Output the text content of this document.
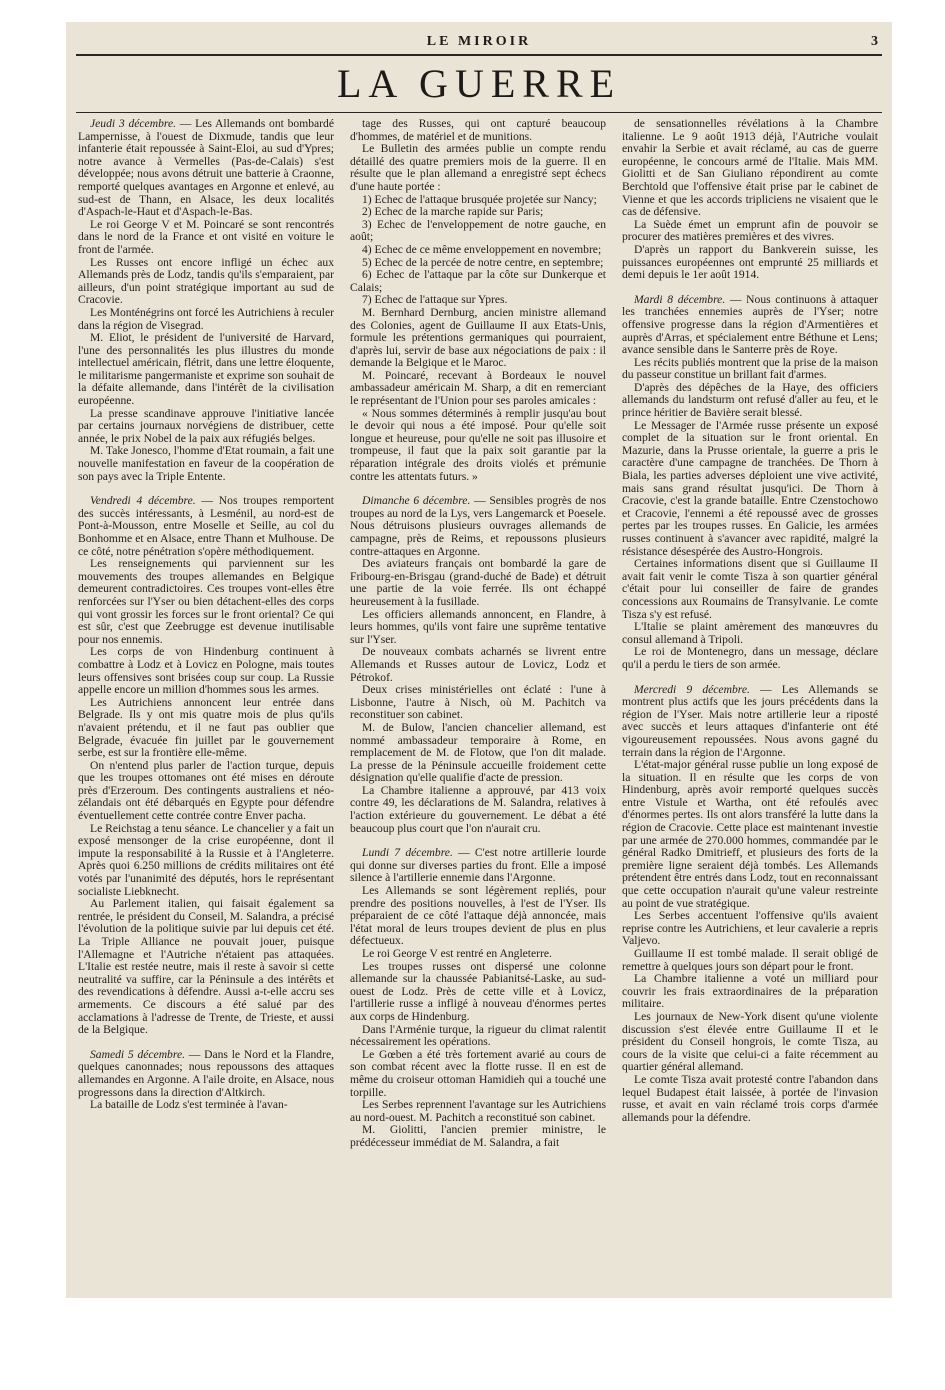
LE MIROIR	3
LA GUERRE

Jeudi 3 décembre. — Les Allemands ont bombardé Lampernisse, à l'ouest de Dixmude, tandis que leur infanterie était repoussée à Saint-Eloi, au sud d'Ypres; notre avance à Vermelles (Pas-de-Calais) s'est développée; nous avons détruit une batterie à Craonne, remporté quelques avantages en Argonne et enlevé, au sud-est de Thann, en Alsace, les deux localités d'Aspach-le-Haut et d'Aspach-le-Bas.

Le roi George V et M. Poincaré se sont rencontrés dans le nord de la France et ont visité en voiture le front de l'armée.

Les Russes ont encore infligé un échec aux Allemands près de Lodz, tandis qu'ils s'emparaient, par ailleurs, d'un point stratégique important au sud de Cracovie.

Les Monténégrins ont forcé les Autrichiens à reculer dans la région de Visegrad.

M. Eliot, le président de l'université de Harvard, l'une des personnalités les plus illustres du monde intellectuel américain, flétrit, dans une lettre éloquente, le militarisme pangermaniste et exprime son souhait de la défaite allemande, dans l'intérêt de la civilisation européenne.

La presse scandinave approuve l'initiative lancée par certains journaux norvégiens de distribuer, cette année, le prix Nobel de la paix aux réfugiés belges.

M. Take Jonesco, l'homme d'Etat roumain, a fait une nouvelle manifestation en faveur de la coopération de son pays avec la Triple Entente.

Vendredi 4 décembre. — Nos troupes remportent des succès intéressants, à Lesménil, au nord-est de Pont-à-Mousson, entre Moselle et Seille, au col du Bonhomme et en Alsace, entre Thann et Mulhouse. De ce côté, notre pénétration s'opère méthodiquement.

Les renseignements qui parviennent sur les mouvements des troupes allemandes en Belgique demeurent contradictoires. Ces troupes vont-elles être renforcées sur l'Yser ou bien détachent-elles des corps qui vont grossir les forces sur le front oriental? Ce qui est sûr, c'est que Zeebrugge est devenue inutilisable pour nos ennemis.

Les corps de von Hindenburg continuent à combattre à Lodz et à Lovicz en Pologne, mais toutes leurs offensives sont brisées coup sur coup. La Russie appelle encore un million d'hommes sous les armes.

Les Autrichiens annoncent leur entrée dans Belgrade. Ils y ont mis quatre mois de plus qu'ils n'avaient prétendu, et il ne faut pas oublier que Belgrade, évacuée fin juillet par le gouvernement serbe, est sur la frontière elle-même.

On n'entend plus parler de l'action turque, depuis que les troupes ottomanes ont été mises en déroute près d'Erzeroum. Des contingents australiens et néo-zélandais ont été débarqués en Egypte pour défendre éventuellement cette contrée contre Enver pacha.

Le Reichstag a tenu séance. Le chancelier y a fait un exposé mensonger de la crise européenne, dont il impute la responsabilité à la Russie et à l'Angleterre. Après quoi 6.250 millions de crédits militaires ont été votés par l'unanimité des députés, hors le représentant socialiste Liebknecht.

Au Parlement italien, qui faisait également sa rentrée, le président du Conseil, M. Salandra, a précisé l'évolution de la politique suivie par lui depuis cet été. La Triple Alliance ne pouvait jouer, puisque l'Allemagne et l'Autriche n'étaient pas attaquées. L'Italie est restée neutre, mais il reste à savoir si cette neutralité va suffire, car la Péninsule a des intérêts et des revendications à défendre. Aussi a-t-elle accru ses armements. Ce discours a été salué par des acclamations à l'adresse de Trente, de Trieste, et aussi de la Belgique.

Samedi 5 décembre. — Dans le Nord et la Flandre, quelques canonnades; nous repoussons des attaques allemandes en Argonne. A l'aile droite, en Alsace, nous progressons dans la direction d'Altkirch.

La bataille de Lodz s'est terminée à l'avan-

tage des Russes, qui ont capturé beaucoup d'hommes, de matériel et de munitions.

Le Bulletin des armées publie un compte rendu détaillé des quatre premiers mois de la guerre. Il en résulte que le plan allemand a enregistré sept échecs d'une haute portée :

1) Echec de l'attaque brusquée projetée sur Nancy;

2) Echec de la marche rapide sur Paris;

3) Echec de l'enveloppement de notre gauche, en août;

4) Echec de ce même enveloppement en novembre;

5) Echec de la percée de notre centre, en septembre;

6) Echec de l'attaque par la côte sur Dunkerque et Calais;

7) Echec de l'attaque sur Ypres.

M. Bernhard Dernburg, ancien ministre allemand des Colonies, agent de Guillaume II aux Etats-Unis, formule les prétentions germaniques qui pourraient, d'après lui, servir de base aux négociations de paix : il demande la Belgique et le Maroc.

M. Poincaré, recevant à Bordeaux le nouvel ambassadeur américain M. Sharp, a dit en remerciant le représentant de l'Union pour ses paroles amicales :

« Nous sommes déterminés à remplir jusqu'au bout le devoir qui nous a été imposé. Pour qu'elle soit longue et heureuse, pour qu'elle ne soit pas illusoire et trompeuse, il faut que la paix soit garantie par la réparation intégrale des droits violés et prémunie contre les attentats futurs. »

Dimanche 6 décembre. — Sensibles progrès de nos troupes au nord de la Lys, vers Langemarck et Poesele. Nous détruisons plusieurs ouvrages allemands de campagne, près de Reims, et repoussons plusieurs contre-attaques en Argonne.

Des aviateurs français ont bombardé la gare de Fribourg-en-Brisgau (grand-duché de Bade) et détruit une partie de la voie ferrée. Ils ont échappé heureusement à la fusillade.

Les officiers allemands annoncent, en Flandre, à leurs hommes, qu'ils vont faire une suprême tentative sur l'Yser.

De nouveaux combats acharnés se livrent entre Allemands et Russes autour de Lovicz, Lodz et Pétrokof.

Deux crises ministérielles ont éclaté : l'une à Lisbonne, l'autre à Nisch, où M. Pachitch va reconstituer son cabinet.

M. de Bulow, l'ancien chancelier allemand, est nommé ambassadeur temporaire à Rome, en remplacement de M. de Flotow, que l'on dit malade. La presse de la Péninsule accueille froidement cette désignation qu'elle qualifie d'acte de pression.

La Chambre italienne a approuvé, par 413 voix contre 49, les déclarations de M. Salandra, relatives à l'action extérieure du gouvernement. Le débat a été beaucoup plus court que l'on n'aurait cru.

Lundi 7 décembre. — C'est notre artillerie lourde qui donne sur diverses parties du front. Elle a imposé silence à l'artillerie ennemie dans l'Argonne.

Les Allemands se sont légèrement repliés, pour prendre des positions nouvelles, à l'est de l'Yser. Ils préparaient de ce côté l'attaque déjà annoncée, mais l'état moral de leurs troupes devient de plus en plus défectueux.

Le roi George V est rentré en Angleterre.

Les troupes russes ont dispersé une colonne allemande sur la chaussée Pabianitsé-Laske, au sud-ouest de Lodz. Près de cette ville et à Lovicz, l'artillerie russe a infligé à nouveau d'énormes pertes aux corps de Hindenburg.

Dans l'Arménie turque, la rigueur du climat ralentit nécessairement les opérations.

Le Gœben a été très fortement avarié au cours de son combat récent avec la flotte russe. Il en est de même du croiseur ottoman Hamidieh qui a touché une torpille.

Les Serbes reprennent l'avantage sur les Autrichiens au nord-ouest. M. Pachitch a reconstitué son cabinet.

M. Giolitti, l'ancien premier ministre, le prédécesseur immédiat de M. Salandra, a fait

de sensationnelles révélations à la Chambre italienne. Le 9 août 1913 déjà, l'Autriche voulait envahir la Serbie et avait réclamé, au cas de guerre européenne, le concours armé de l'Italie. Mais MM. Giolitti et de San Giuliano répondirent au comte Berchtold que l'offensive était prise par le cabinet de Vienne et que les accords tripliciens ne visaient que le cas de défensive.

La Suède émet un emprunt afin de pouvoir se procurer des matières premières et des vivres.

D'après un rapport du Bankverein suisse, les puissances européennes ont emprunté 25 milliards et demi depuis le 1er août 1914.

Mardi 8 décembre. — Nous continuons à attaquer les tranchées ennemies auprès de l'Yser; notre offensive progresse dans la région d'Armentières et auprès d'Arras, et spécialement entre Béthune et Lens; avance sensible dans le Santerre près de Roye.

Les récits publiés montrent que la prise de la maison du passeur constitue un brillant fait d'armes.

D'après des dépêches de la Haye, des officiers allemands du landsturm ont refusé d'aller au feu, et le prince héritier de Bavière serait blessé.

Le Messager de l'Armée russe présente un exposé complet de la situation sur le front oriental. En Mazurie, dans la Prusse orientale, la guerre a pris le caractère d'une campagne de tranchées. De Thorn à Biala, les parties adverses déploient une vive activité, mais sans grand résultat jusqu'ici. De Thorn à Cracovie, c'est la grande bataille. Entre Czenstochowo et Cracovie, l'ennemi a été repoussé avec de grosses pertes par les troupes russes. En Galicie, les armées russes continuent à s'avancer avec rapidité, malgré la résistance désespérée des Austro-Hongrois.

Certaines informations disent que si Guillaume II avait fait venir le comte Tisza à son quartier général c'était pour lui conseiller de faire de grandes concessions aux Roumains de Transylvanie. Le comte Tisza s'y est refusé.

L'Italie se plaint amèrement des manœuvres du consul allemand à Tripoli.

Le roi de Montenegro, dans un message, déclare qu'il a perdu le tiers de son armée.

Mercredi 9 décembre. — Les Allemands se montrent plus actifs que les jours précédents dans la région de l'Yser. Mais notre artillerie leur a riposté avec succès et leurs attaques d'infanterie ont été vigoureusement repoussées. Nous avons gagné du terrain dans la région de l'Argonne.

L'état-major général russe publie un long exposé de la situation. Il en résulte que les corps de von Hindenburg, après avoir remporté quelques succès entre Vistule et Wartha, ont été refoulés avec d'énormes pertes. Ils ont alors transféré la lutte dans la région de Cracovie. Cette place est maintenant investie par une armée de 270.000 hommes, commandée par le général Radko Dmitrieff, et plusieurs des forts de la première ligne seraient déjà tombés. Les Allemands prétendent être entrés dans Lodz, tout en reconnaissant que cette occupation n'aurait qu'une valeur restreinte au point de vue stratégique.

Les Serbes accentuent l'offensive qu'ils avaient reprise contre les Autrichiens, et leur cavalerie a repris Valjevo.

Guillaume II est tombé malade. Il serait obligé de remettre à quelques jours son départ pour le front.

La Chambre italienne a voté un milliard pour couvrir les frais extraordinaires de la préparation militaire.

Les journaux de New-York disent qu'une violente discussion s'est élevée entre Guillaume II et le président du Conseil hongrois, le comte Tisza, au cours de la visite que celui-ci a faite récemment au quartier général allemand.

Le comte Tisza avait protesté contre l'abandon dans lequel Budapest était laissée, à portée de l'invasion russe, et avait en vain réclamé trois corps d'armée allemands pour la défendre.
